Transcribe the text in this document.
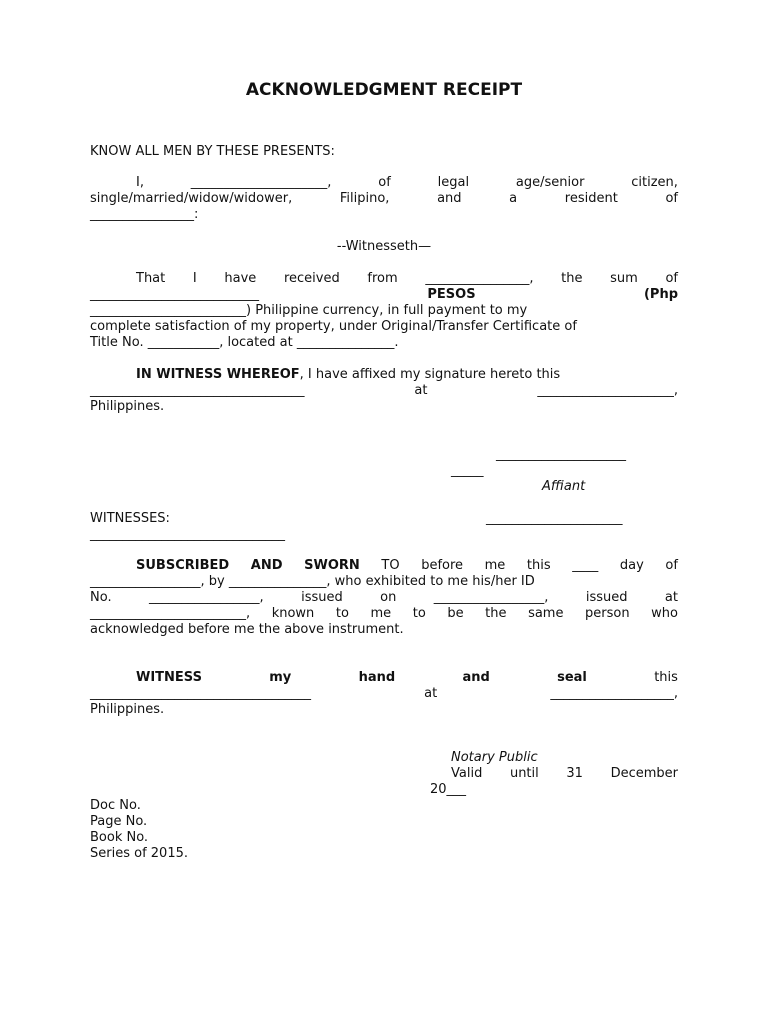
ACKNOWLEDGMENT RECEIPT
KNOW ALL MEN BY THESE PRESENTS:
I,	_____________________,	of	legal	age/senior	citizen,
single/married/widow/widower,	Filipino,	and	a	resident	of
________________:
--Witnesseth—
That I have received from ________________, the sum of
__________________________	PESOS	(Php
________________________) Philippine currency, in full payment to my
complete satisfaction of my property, under Original/Transfer Certificate of
Title No. ___________, located at _______________.
IN WITNESS WHEREOF, I have affixed my signature hereto this
_________________________________	at	_____________________,
Philippines.
____________________
_____
Affiant
WITNESSES:	_____________________
______________________________
SUBSCRIBED AND SWORN TO before me this ____ day of
_________________, by _______________, who exhibited to me his/her ID
No.	_________________,	issued	on	_________________,	issued	at
________________________, known to me to be the same person who
acknowledged before me the above instrument.
WITNESS	my	hand	and	seal	this
__________________________________	at	___________________,
Philippines.
Notary Public
Valid until 31 December
20___
Doc No.
Page No.
Book No.
Series of 2015.
